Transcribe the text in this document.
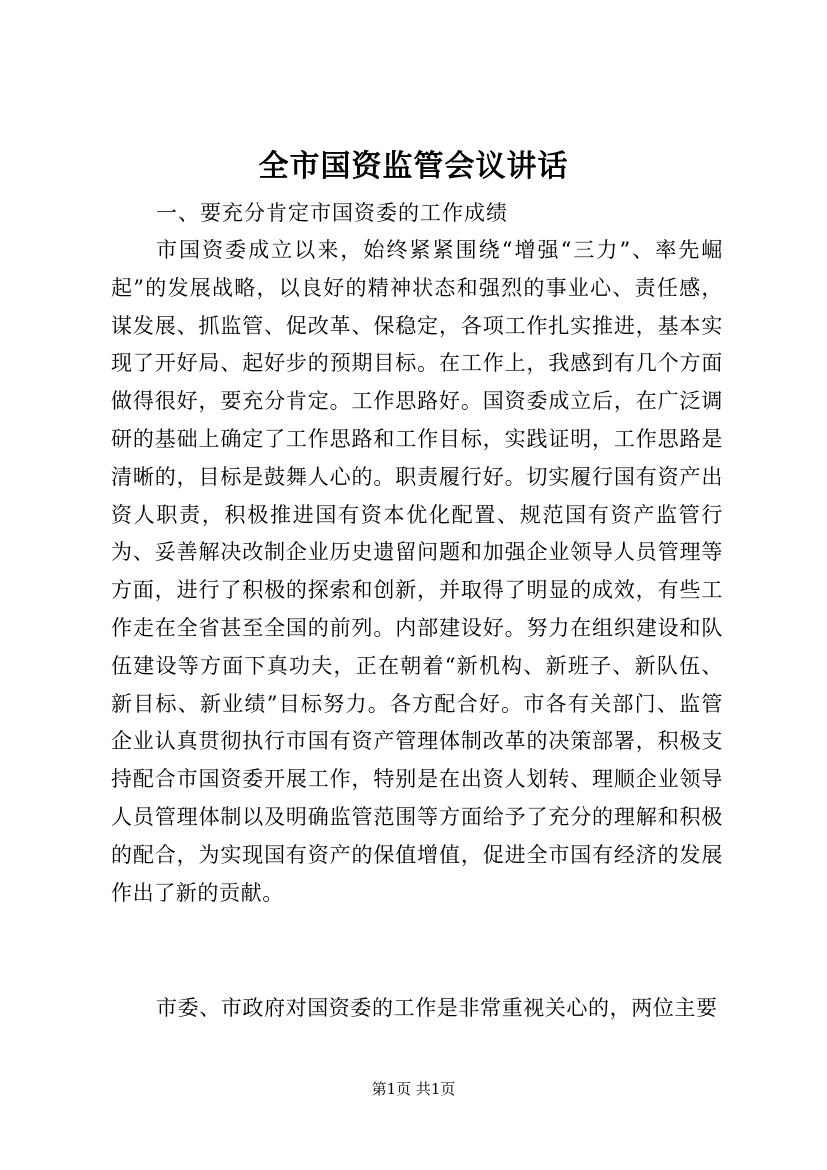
全市国资监管会议讲话

一、要充分肯定市国资委的工作成绩

市国资委成立以来，始终紧紧围绕“增强“三力”、率先崛起”的发展战略，以良好的精神状态和强烈的事业心、责任感，谋发展、抓监管、促改革、保稳定，各项工作扎实推进，基本实现了开好局、起好步的预期目标。在工作上，我感到有几个方面做得很好，要充分肯定。工作思路好。国资委成立后，在广泛调研的基础上确定了工作思路和工作目标，实践证明，工作思路是清晰的，目标是鼓舞人心的。职责履行好。切实履行国有资产出资人职责，积极推进国有资本优化配置、规范国有资产监管行为、妥善解决改制企业历史遗留问题和加强企业领导人员管理等方面，进行了积极的探索和创新，并取得了明显的成效，有些工作走在全省甚至全国的前列。内部建设好。努力在组织建设和队伍建设等方面下真功夫，正在朝着“新机构、新班子、新队伍、新目标、新业绩”目标努力。各方配合好。市各有关部门、监管企业认真贯彻执行市国有资产管理体制改革的决策部署，积极支持配合市国资委开展工作，特别是在出资人划转、理顺企业领导人员管理体制以及明确监管范围等方面给予了充分的理解和积极的配合，为实现国有资产的保值增值，促进全市国有经济的发展作出了新的贡献。

市委、市政府对国资委的工作是非常重视关心的，两位主要

第1页 共1页
